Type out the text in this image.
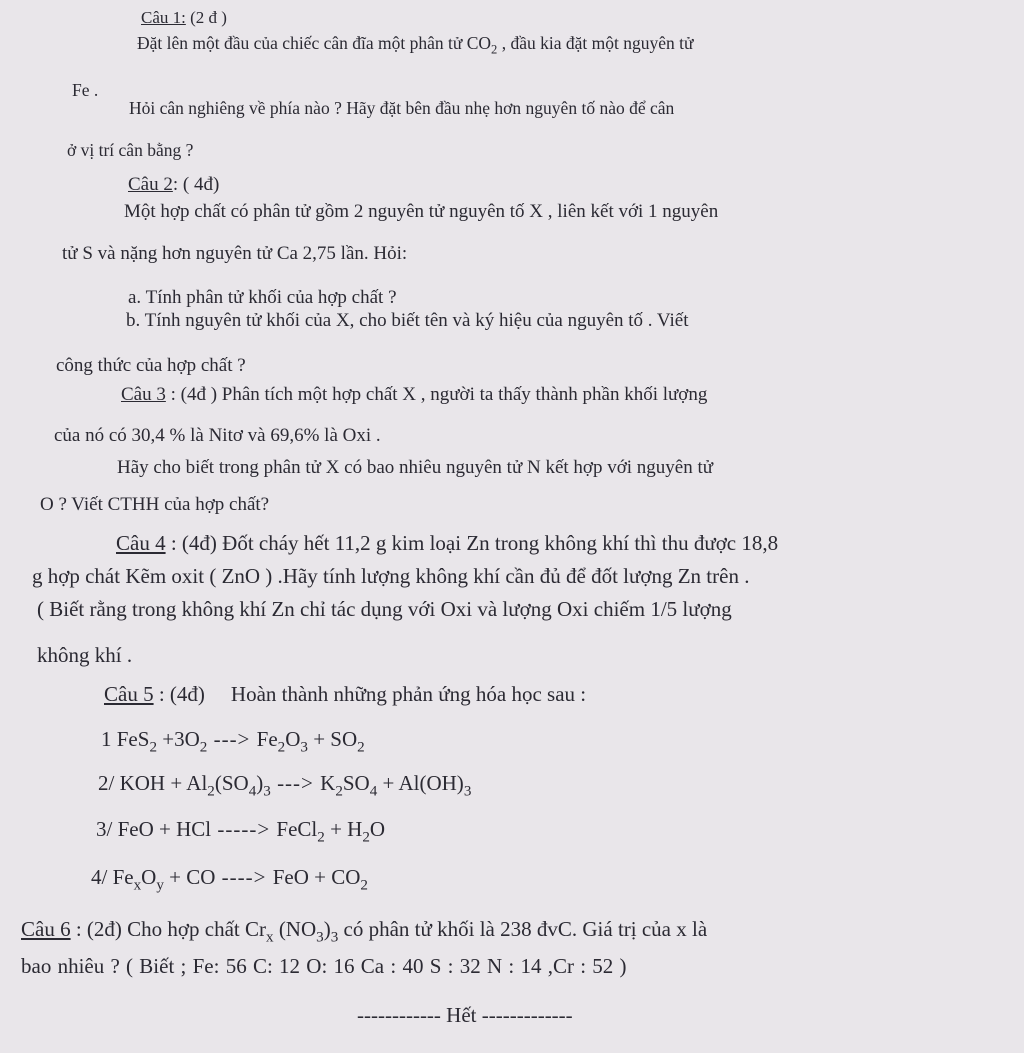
Câu 1: (2 đ )
Đặt lên một đầu của chiếc cân đĩa một phân tử $CO_2$ , đầu kia đặt một nguyên tử
Fe .
Hỏi cân nghiêng về phía nào ? Hãy đặt bên đầu nhẹ hơn nguyên tố nào để cân
ở vị trí cân bằng ?
Câu 2: ( 4đ)
Một hợp chất có phân tử gồm 2 nguyên tử nguyên tố X , liên kết với 1 nguyên
tử S và nặng hơn nguyên tử Ca 2,75 lần. Hỏi:
a. Tính phân tử khối của hợp chất ?
b. Tính nguyên tử khối của X, cho biết tên và ký hiệu của nguyên tố . Viết
công thức của hợp chất ?
Câu 3 : (4đ ) Phân tích một hợp chất X , người ta thấy thành phần khối lượng
của nó có 30,4 % là Nitơ và 69,6% là Oxi .
Hãy cho biết trong phân tử X có bao nhiêu nguyên tử N kết hợp với nguyên tử
O ? Viết CTHH của hợp chất?
Câu 4 : (4đ) Đốt cháy hết 11,2 g kim loại Zn trong không khí thì thu được 18,8
g hợp chát Kẽm oxit ( ZnO ) .Hãy tính lượng không khí cần đủ để đốt lượng Zn trên .
( Biết rằng trong không khí Zn chỉ tác dụng với Oxi và lượng Oxi chiếm 1/5 lượng
không khí .
Câu 5 : (4đ) Hoàn thành những phản ứng hóa học sau :
1 $FeS_2 +3O_2$ ---> $Fe_2O_3 + SO_2$
2/ KOH + $Al_2(SO_4)_3$ ---> $K_2SO_4 + Al(OH)_3$
3/ FeO + HCl -----> FeCl$_2$ + $H_2O$
4/ $Fe_xO_y$ + CO ----> FeO + $CO_2$
Câu 6 : (2đ) Cho hợp chất $Cr_x$ $(NO_3)_3$ có phân tử khối là 238 đvC. Giá trị của x là
bao nhiêu ? ( Biết ; Fe: 56 C: 12 O: 16 Ca : 40 S : 32 N : 14 ,Cr : 52 )
------------ Hết -------------
